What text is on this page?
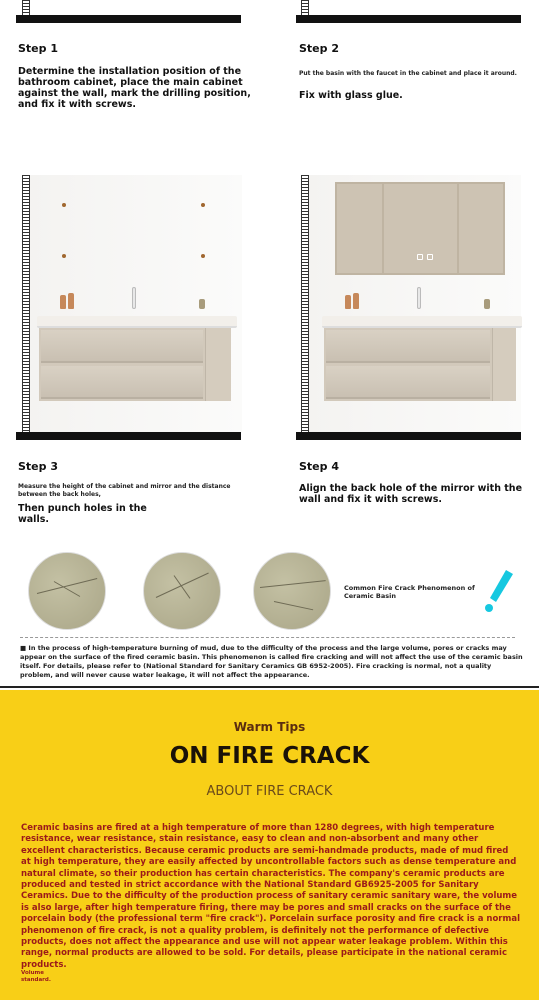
Step 1
Determine the installation position of the bathroom cabinet, place the main cabinet against the wall, mark the drilling position, and fix it with screws.
Step 2
Put the basin with the faucet in the cabinet and place it around.
Fix with glass glue.
Step 3
Measure the height of the cabinet and mirror and the distance between the back holes,
Then punch holes in the walls.
Step 4
Align the back hole of the mirror with the wall and fix it with screws.
Common Fire Crack Phenomenon of Ceramic Basin
■ In the process of high-temperature burning of mud, due to the difficulty of the process and the large volume, pores or cracks may appear on the surface of the fired ceramic basin. This phenomenon is called fire cracking and will not affect the use of the ceramic basin itself. For details, please refer to (National Standard for Sanitary Ceramics GB 6952-2005). Fire cracking is normal, not a quality problem, and will never cause water leakage, it will not affect the appearance.
Warm Tips
ON FIRE CRACK
ABOUT FIRE CRACK
Ceramic basins are fired at a high temperature of more than 1280 degrees, with high temperature resistance, wear resistance, stain resistance, easy to clean and non-absorbent and many other excellent characteristics. Because ceramic products are semi-handmade products, made of mud fired at high temperature, they are easily affected by uncontrollable factors such as dense temperature and natural climate, so their production has certain characteristics. The company's ceramic products are produced and tested in strict accordance with the National Standard GB6925-2005 for Sanitary Ceramics. Due to the difficulty of the production process of sanitary ceramic sanitary ware, the volume is also large, after high temperature firing, there may be pores and small cracks on the surface of the porcelain body (the professional term "fire crack"). Porcelain surface porosity and fire crack is a normal phenomenon of fire crack, is not a quality problem, is definitely not the performance of defective products, does not affect the appearance and use will not appear water leakage problem. Within this range, normal products are allowed to be sold. For details, please participate in the national ceramic products.
Volume standard.
